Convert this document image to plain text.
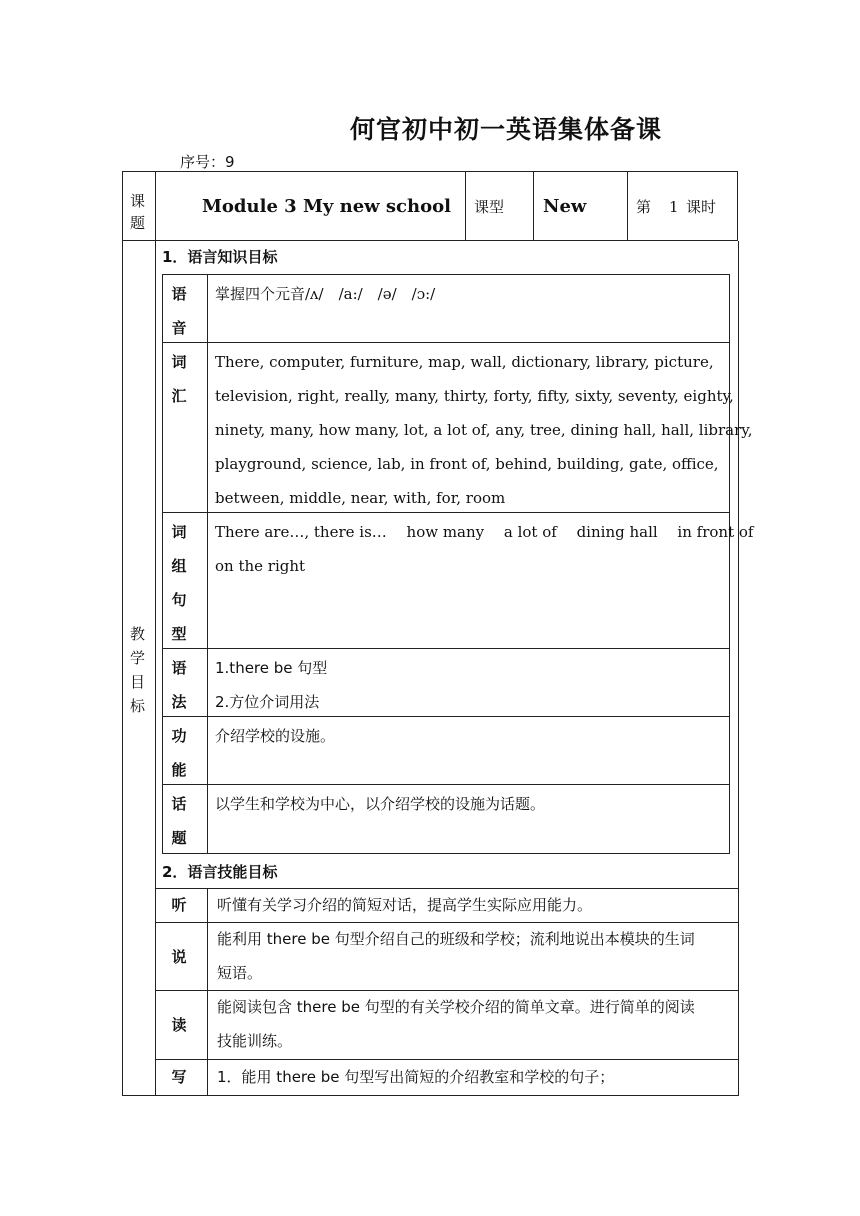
何官初中初一英语集体备课
序号：9
课题
Module 3 My new school 课型 New	第 1 课时
教学目标
1．语言知识目标
语
音
掌握四个元音/ʌ/　/a:/　/ə/　/ɔ:/
词
汇
There, computer, furniture, map, wall, dictionary, library, picture,
television, right, really, many, thirty, forty, fifty, sixty, seventy, eighty,
ninety, many, how many, lot, a lot of, any, tree, dining hall, hall, library,
playground, science, lab, in front of, behind, building, gate, office,
between, middle, near, with, for, room
词
组
句
型
There are…, there is…　 how many　 a lot of　 dining hall　 in front of
on the right
语
法
1.there be 句型
2.方位介词用法
功
能
介绍学校的设施。
话
题
以学生和学校为中心，以介绍学校的设施为话题。
2．语言技能目标
听 听懂有关学习介绍的简短对话，提高学生实际应用能力。
说
能利用 there be 句型介绍自己的班级和学校；流利地说出本模块的生词
短语。
读
能阅读包含 there be 句型的有关学校介绍的简单文章。进行简单的阅读
技能训练。
写 1．能用 there be 句型写出简短的介绍教室和学校的句子；
